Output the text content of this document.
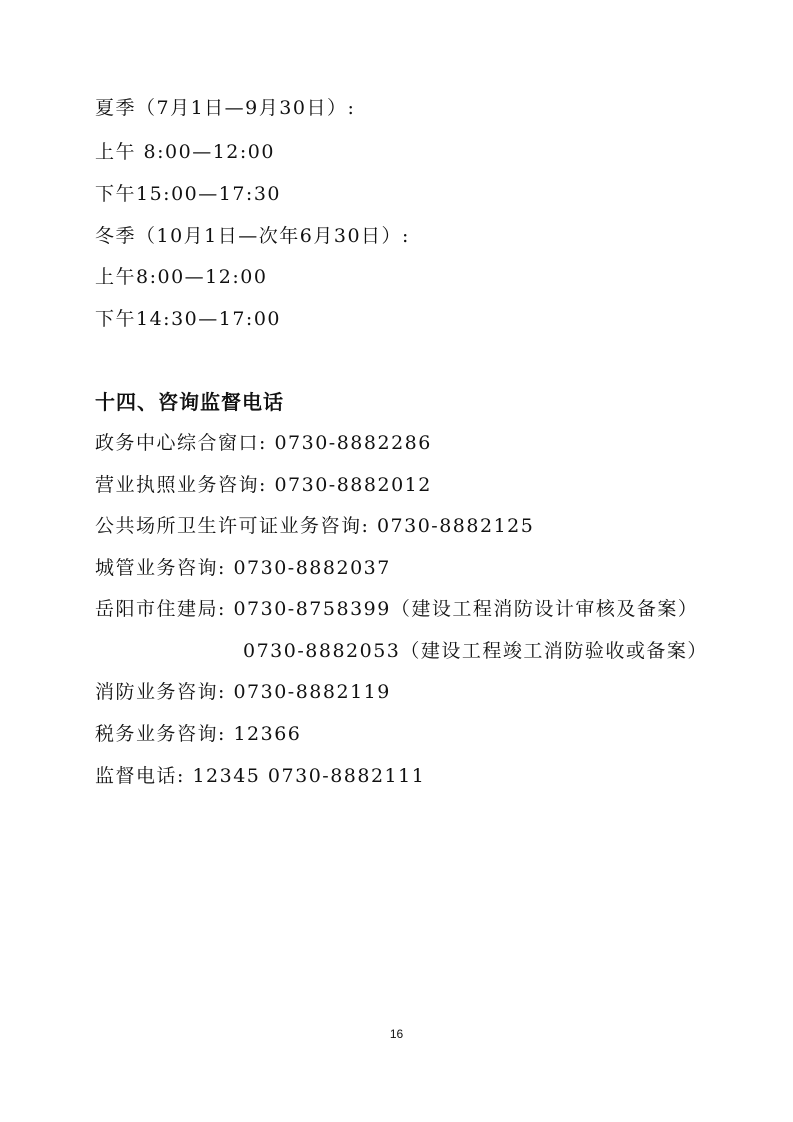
夏季（7月1日—9月30日）:
上午 8:00—12:00
下午15:00—17:30
冬季（10月1日—次年6月30日）:
上午8:00—12:00
下午14:30—17:00
十四、咨询监督电话
政务中心综合窗口: 0730-8882286
营业执照业务咨询: 0730-8882012
公共场所卫生许可证业务咨询: 0730-8882125
城管业务咨询: 0730-8882037
岳阳市住建局: 0730-8758399（建设工程消防设计审核及备案）
0730-8882053（建设工程竣工消防验收或备案）
消防业务咨询: 0730-8882119
税务业务咨询: 12366
监督电话: 12345 0730-8882111
16
